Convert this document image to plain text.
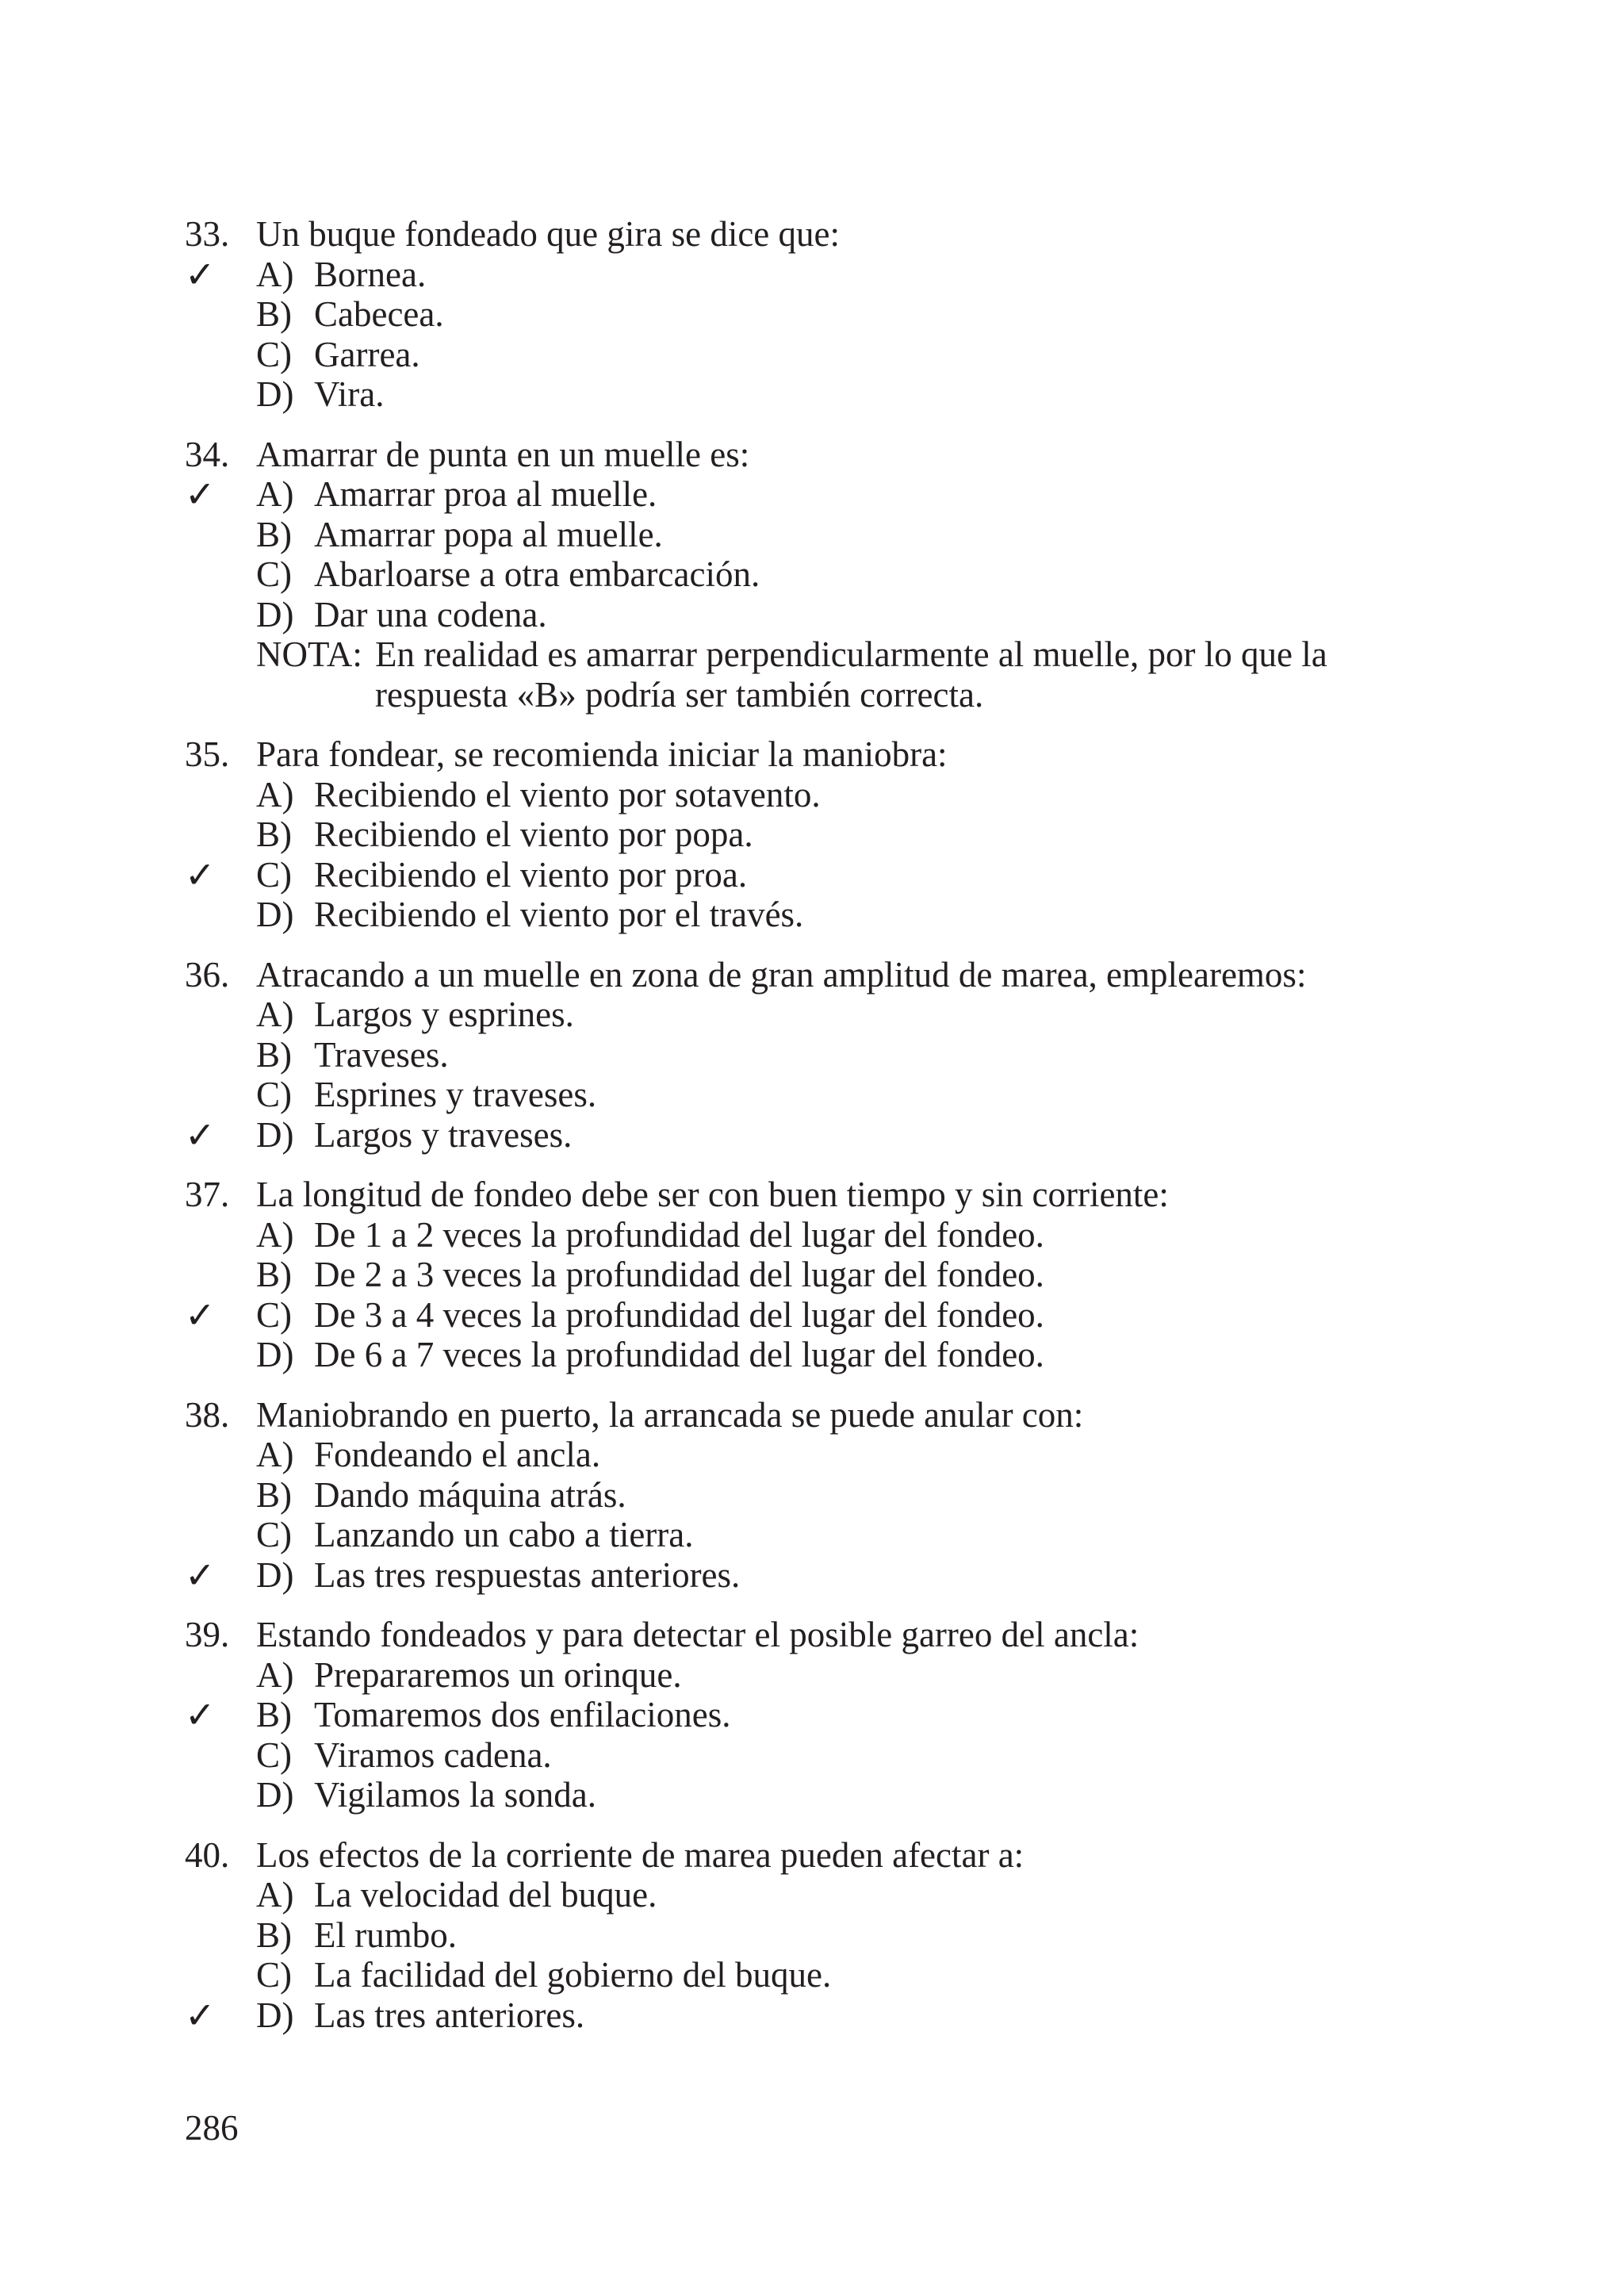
33. Un buque fondeado que gira se dice que:
✓ A) Bornea.
B) Cabecea.
C) Garrea.
D) Vira.
34. Amarrar de punta en un muelle es:
✓ A) Amarrar proa al muelle.
B) Amarrar popa al muelle.
C) Abarloarse a otra embarcación.
D) Dar una codena.
NOTA: En realidad es amarrar perpendicularmente al muelle, por lo que la
respuesta «B» podría ser también correcta.
35. Para fondear, se recomienda iniciar la maniobra:
A) Recibiendo el viento por sotavento.
B) Recibiendo el viento por popa.
✓ C) Recibiendo el viento por proa.
D) Recibiendo el viento por el través.
36. Atracando a un muelle en zona de gran amplitud de marea, emplearemos:
A) Largos y esprines.
B) Traveses.
C) Esprines y traveses.
✓ D) Largos y traveses.
37. La longitud de fondeo debe ser con buen tiempo y sin corriente:
A) De 1 a 2 veces la profundidad del lugar del fondeo.
B) De 2 a 3 veces la profundidad del lugar del fondeo.
✓ C) De 3 a 4 veces la profundidad del lugar del fondeo.
D) De 6 a 7 veces la profundidad del lugar del fondeo.
38. Maniobrando en puerto, la arrancada se puede anular con:
A) Fondeando el ancla.
B) Dando máquina atrás.
C) Lanzando un cabo a tierra.
✓ D) Las tres respuestas anteriores.
39. Estando fondeados y para detectar el posible garreo del ancla:
A) Prepararemos un orinque.
✓ B) Tomaremos dos enfilaciones.
C) Viramos cadena.
D) Vigilamos la sonda.
40. Los efectos de la corriente de marea pueden afectar a:
A) La velocidad del buque.
B) El rumbo.
C) La facilidad del gobierno del buque.
✓ D) Las tres anteriores.
286
